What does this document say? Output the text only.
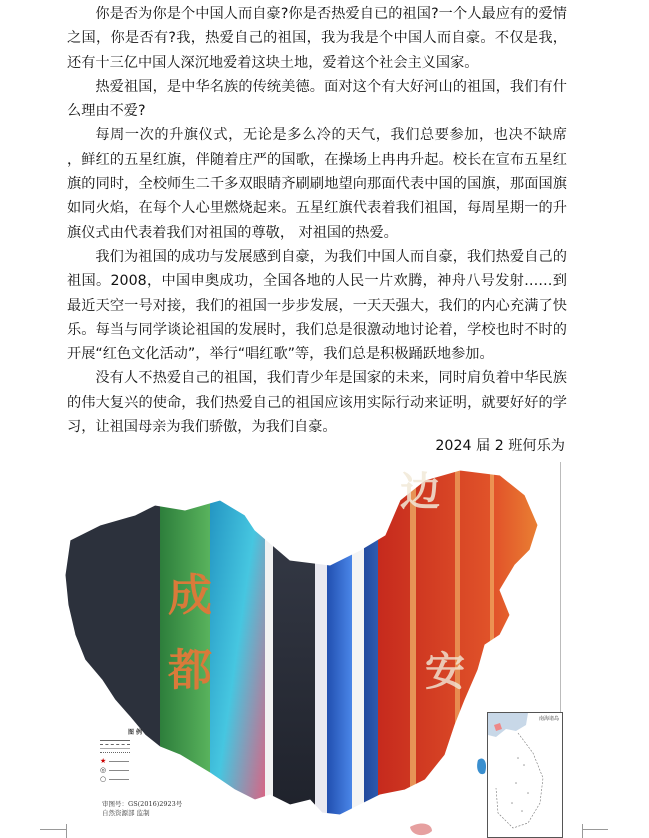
你是否为你是个中国人而自豪?你是否热爱自已的祖国?一个人最应有的爱情之国，你是否有?我，热爱自己的祖国，我为我是个中国人而自豪。不仅是我，还有十三亿中国人深沉地爱着这块土地，爱着这个社会主义国家。

热爱祖国，是中华名族的传统美德。面对这个有大好河山的祖国，我们有什么理由不爱?

每周一次的升旗仪式，无论是多么冷的天气，我们总要参加，也决不缺席 ，鲜红的五星红旗，伴随着庄严的国歌，在操场上冉冉升起。校长在宣布五星红旗的同时，全校师生二千多双眼睛齐刷刷地望向那面代表中国的国旗，那面国旗如同火焰，在每个人心里燃烧起来。五星红旗代表着我们祖国，每周星期一的升旗仪式由代表着我们对祖国的尊敬， 对祖国的热爱。

我们为祖国的成功与发展感到自豪，为我们中国人而自豪，我们热爱自己的祖国。2008，中国申奥成功，全国各地的人民一片欢腾，神舟八号发射……到最近天空一号对接，我们的祖国一步步发展，一天天强大，我们的内心充满了快乐。每当与同学谈论祖国的发展时，我们总是很激动地讨论着，学校也时不时的开展“红色文化活动”，举行“唱红歌”等，我们总是积极踊跃地参加。

没有人不热爱自己的祖国，我们青少年是国家的未来，同时肩负着中华民族的伟大复兴的使命，我们热爱自己的祖国应该用实际行动来证明，就要好好的学习，让祖国母亲为我们骄傲，为我们自豪。

2024 届 2 班何乐为
成
都
边
安
图 例
★
◎
○
审图号：GS(2016)2923号
自然资源部 监制
南海诸岛
